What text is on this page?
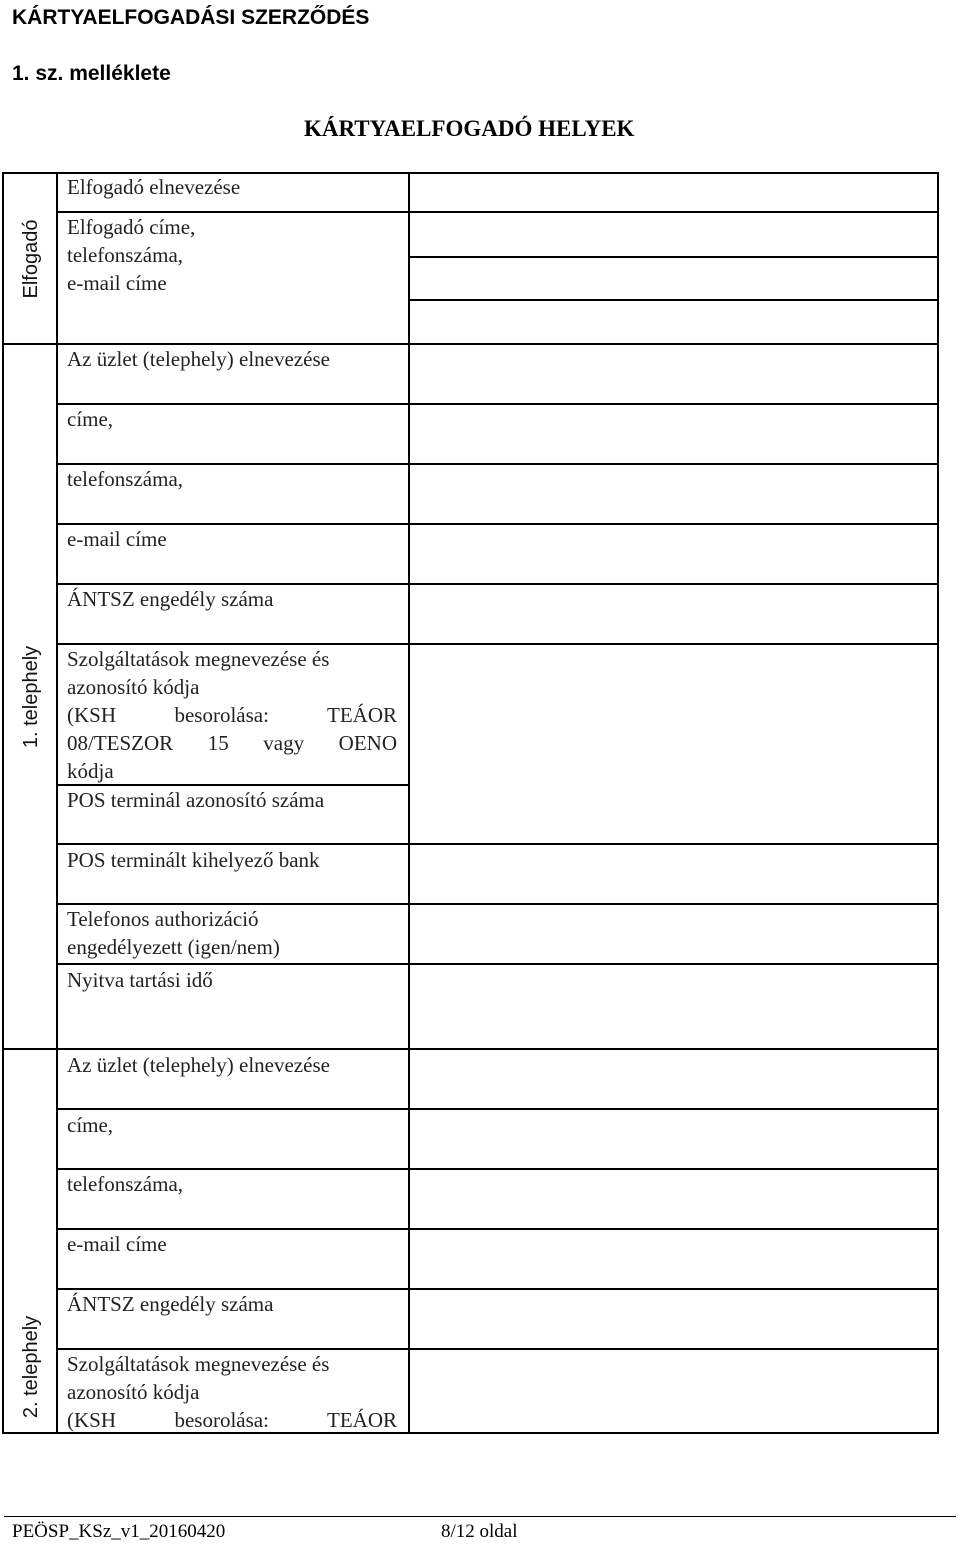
KÁRTYAELFOGADÁSI SZERZŐDÉS
1. sz. melléklete
KÁRTYAELFOGADÓ HELYEK
Elfogadó
1. telephely
2. telephely
Elfogadó elnevezése
Elfogadó címe,
telefonszáma,
e-mail címe
Az üzlet (telephely) elnevezése
címe,
telefonszáma,
e-mail címe
ÁNTSZ engedély száma
Szolgáltatások megnevezése és
azonosító kódja
(KSH besorolása: TEÁOR
08/TESZOR 15 vagy OENO
kódja
POS terminál azonosító száma
POS terminált kihelyező bank
Telefonos authorizáció
engedélyezett (igen/nem)
Nyitva tartási idő
Az üzlet (telephely) elnevezése
címe,
telefonszáma,
e-mail címe
ÁNTSZ engedély száma
Szolgáltatások megnevezése és
azonosító kódja
(KSH besorolása: TEÁOR
PEÖSP_KSz_v1_20160420	8/12 oldal
